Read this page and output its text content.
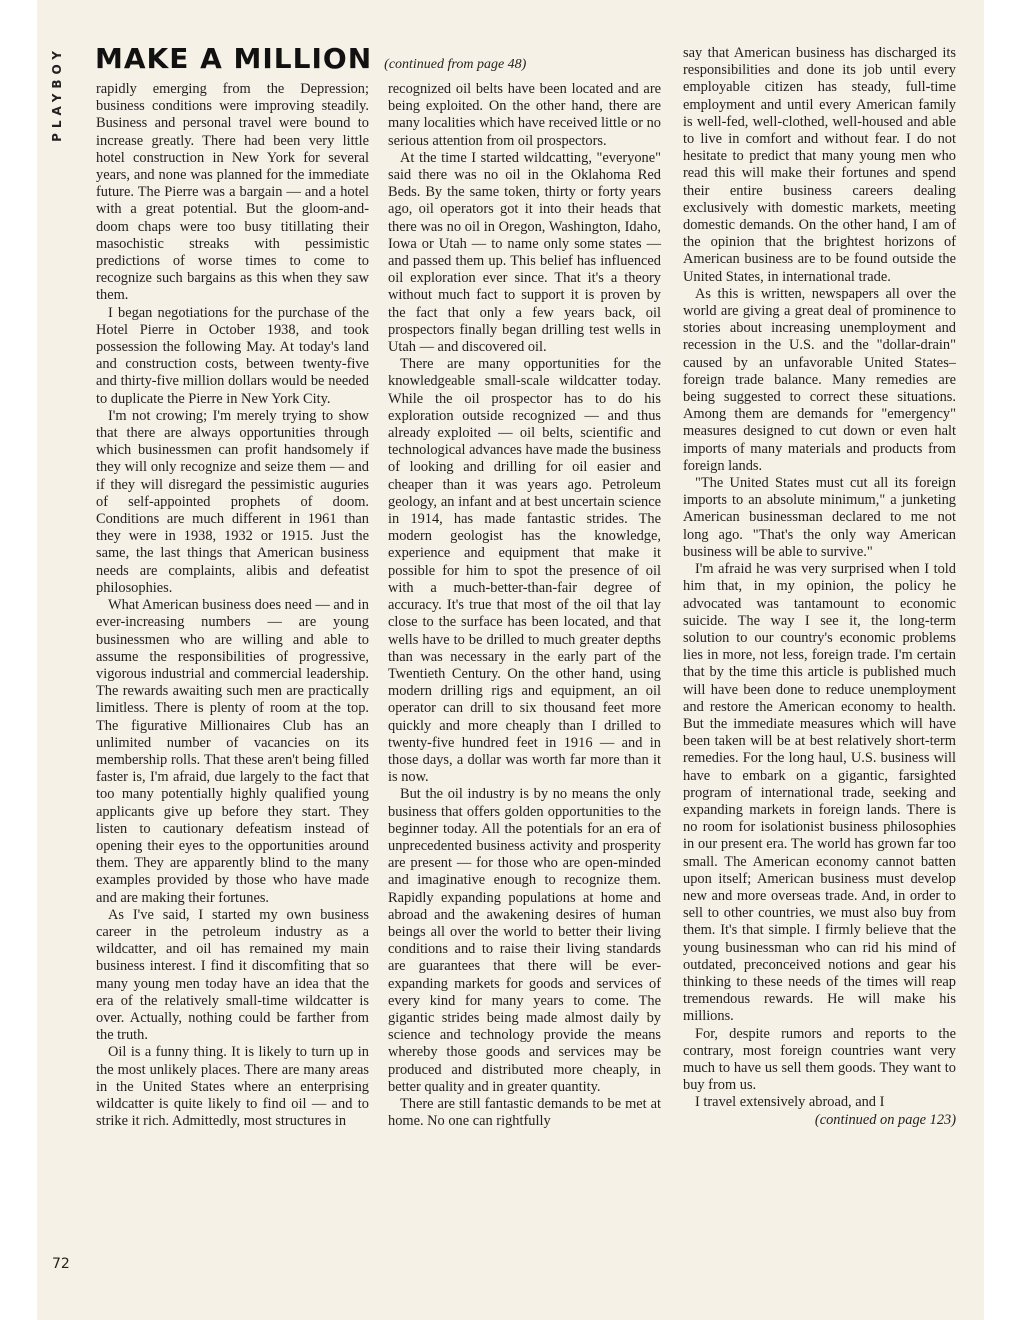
PLAYBOY MAKE A MILLION (continued from page 48)

rapidly emerging from the Depression; business conditions were improving steadily. Business and personal travel were bound to increase greatly. There had been very little hotel construction in New York for several years, and none was planned for the immediate future. The Pierre was a bargain — and a hotel with a great potential. But the gloom-and-doom chaps were too busy titillating their masochistic streaks with pessimistic predictions of worse times to come to recognize such bargains as this when they saw them.

I began negotiations for the purchase of the Hotel Pierre in October 1938, and took possession the following May. At today's land and construction costs, between twenty-five and thirty-five million dollars would be needed to duplicate the Pierre in New York City.

I'm not crowing; I'm merely trying to show that there are always opportunities through which businessmen can profit handsomely if they will only recognize and seize them — and if they will disregard the pessimistic auguries of self-appointed prophets of doom. Conditions are much different in 1961 than they were in 1938, 1932 or 1915. Just the same, the last things that American business needs are complaints, alibis and defeatist philosophies.

What American business does need — and in ever-increasing numbers — are young businessmen who are willing and able to assume the responsibilities of progressive, vigorous industrial and commercial leadership. The rewards awaiting such men are practically limitless. There is plenty of room at the top. The figurative Millionaires Club has an unlimited number of vacancies on its membership rolls. That these aren't being filled faster is, I'm afraid, due largely to the fact that too many potentially highly qualified young applicants give up before they start. They listen to cautionary defeatism instead of opening their eyes to the opportunities around them. They are apparently blind to the many examples provided by those who have made and are making their fortunes.

As I've said, I started my own business career in the petroleum industry as a wildcatter, and oil has remained my main business interest. I find it discomfiting that so many young men today have an idea that the era of the relatively small-time wildcatter is over. Actually, nothing could be farther from the truth.

Oil is a funny thing. It is likely to turn up in the most unlikely places. There are many areas in the United States where an enterprising wildcatter is quite likely to find oil — and to strike it rich. Admittedly, most structures in

recognized oil belts have been located and are being exploited. On the other hand, there are many localities which have received little or no serious attention from oil prospectors.

At the time I started wildcatting, "everyone" said there was no oil in the Oklahoma Red Beds. By the same token, thirty or forty years ago, oil operators got it into their heads that there was no oil in Oregon, Washington, Idaho, Iowa or Utah — to name only some states — and passed them up. This belief has influenced oil exploration ever since. That it's a theory without much fact to support it is proven by the fact that only a few years back, oil prospectors finally began drilling test wells in Utah — and discovered oil.

There are many opportunities for the knowledgeable small-scale wildcatter today. While the oil prospector has to do his exploration outside recognized — and thus already exploited — oil belts, scientific and technological advances have made the business of looking and drilling for oil easier and cheaper than it was years ago. Petroleum geology, an infant and at best uncertain science in 1914, has made fantastic strides. The modern geologist has the knowledge, experience and equipment that make it possible for him to spot the presence of oil with a much-better-than-fair degree of accuracy. It's true that most of the oil that lay close to the surface has been located, and that wells have to be drilled to much greater depths than was necessary in the early part of the Twentieth Century. On the other hand, using modern drilling rigs and equipment, an oil operator can drill to six thousand feet more quickly and more cheaply than I drilled to twenty-five hundred feet in 1916 — and in those days, a dollar was worth far more than it is now.

But the oil industry is by no means the only business that offers golden opportunities to the beginner today. All the potentials for an era of unprecedented business activity and prosperity are present — for those who are open-minded and imaginative enough to recognize them. Rapidly expanding populations at home and abroad and the awakening desires of human beings all over the world to better their living conditions and to raise their living standards are guarantees that there will be ever-expanding markets for goods and services of every kind for many years to come. The gigantic strides being made almost daily by science and technology provide the means whereby those goods and services may be produced and distributed more cheaply, in better quality and in greater quantity.

There are still fantastic demands to be met at home. No one can rightfully

say that American business has discharged its responsibilities and done its job until every employable citizen has steady, full-time employment and until every American family is well-fed, well-clothed, well-housed and able to live in comfort and without fear. I do not hesitate to predict that many young men who read this will make their fortunes and spend their entire business careers dealing exclusively with domestic markets, meeting domestic demands. On the other hand, I am of the opinion that the brightest horizons of American business are to be found outside the United States, in international trade.

As this is written, newspapers all over the world are giving a great deal of prominence to stories about increasing unemployment and recession in the U.S. and the "dollar-drain" caused by an unfavorable United States–foreign trade balance. Many remedies are being suggested to correct these situations. Among them are demands for "emergency" measures designed to cut down or even halt imports of many materials and products from foreign lands.

"The United States must cut all its foreign imports to an absolute minimum," a junketing American businessman declared to me not long ago. "That's the only way American business will be able to survive."

I'm afraid he was very surprised when I told him that, in my opinion, the policy he advocated was tantamount to economic suicide. The way I see it, the long-term solution to our country's economic problems lies in more, not less, foreign trade. I'm certain that by the time this article is published much will have been done to reduce unemployment and restore the American economy to health. But the immediate measures which will have been taken will be at best relatively short-term remedies. For the long haul, U.S. business will have to embark on a gigantic, farsighted program of international trade, seeking and expanding markets in foreign lands. There is no room for isolationist business philosophies in our present era. The world has grown far too small. The American economy cannot batten upon itself; American business must develop new and more overseas trade. And, in order to sell to other countries, we must also buy from them. It's that simple. I firmly believe that the young businessman who can rid his mind of outdated, preconceived notions and gear his thinking to these needs of the times will reap tremendous rewards. He will make his millions.

For, despite rumors and reports to the contrary, most foreign countries want very much to have us sell them goods. They want to buy from us.

I travel extensively abroad, and I

(continued on page 123)

72
